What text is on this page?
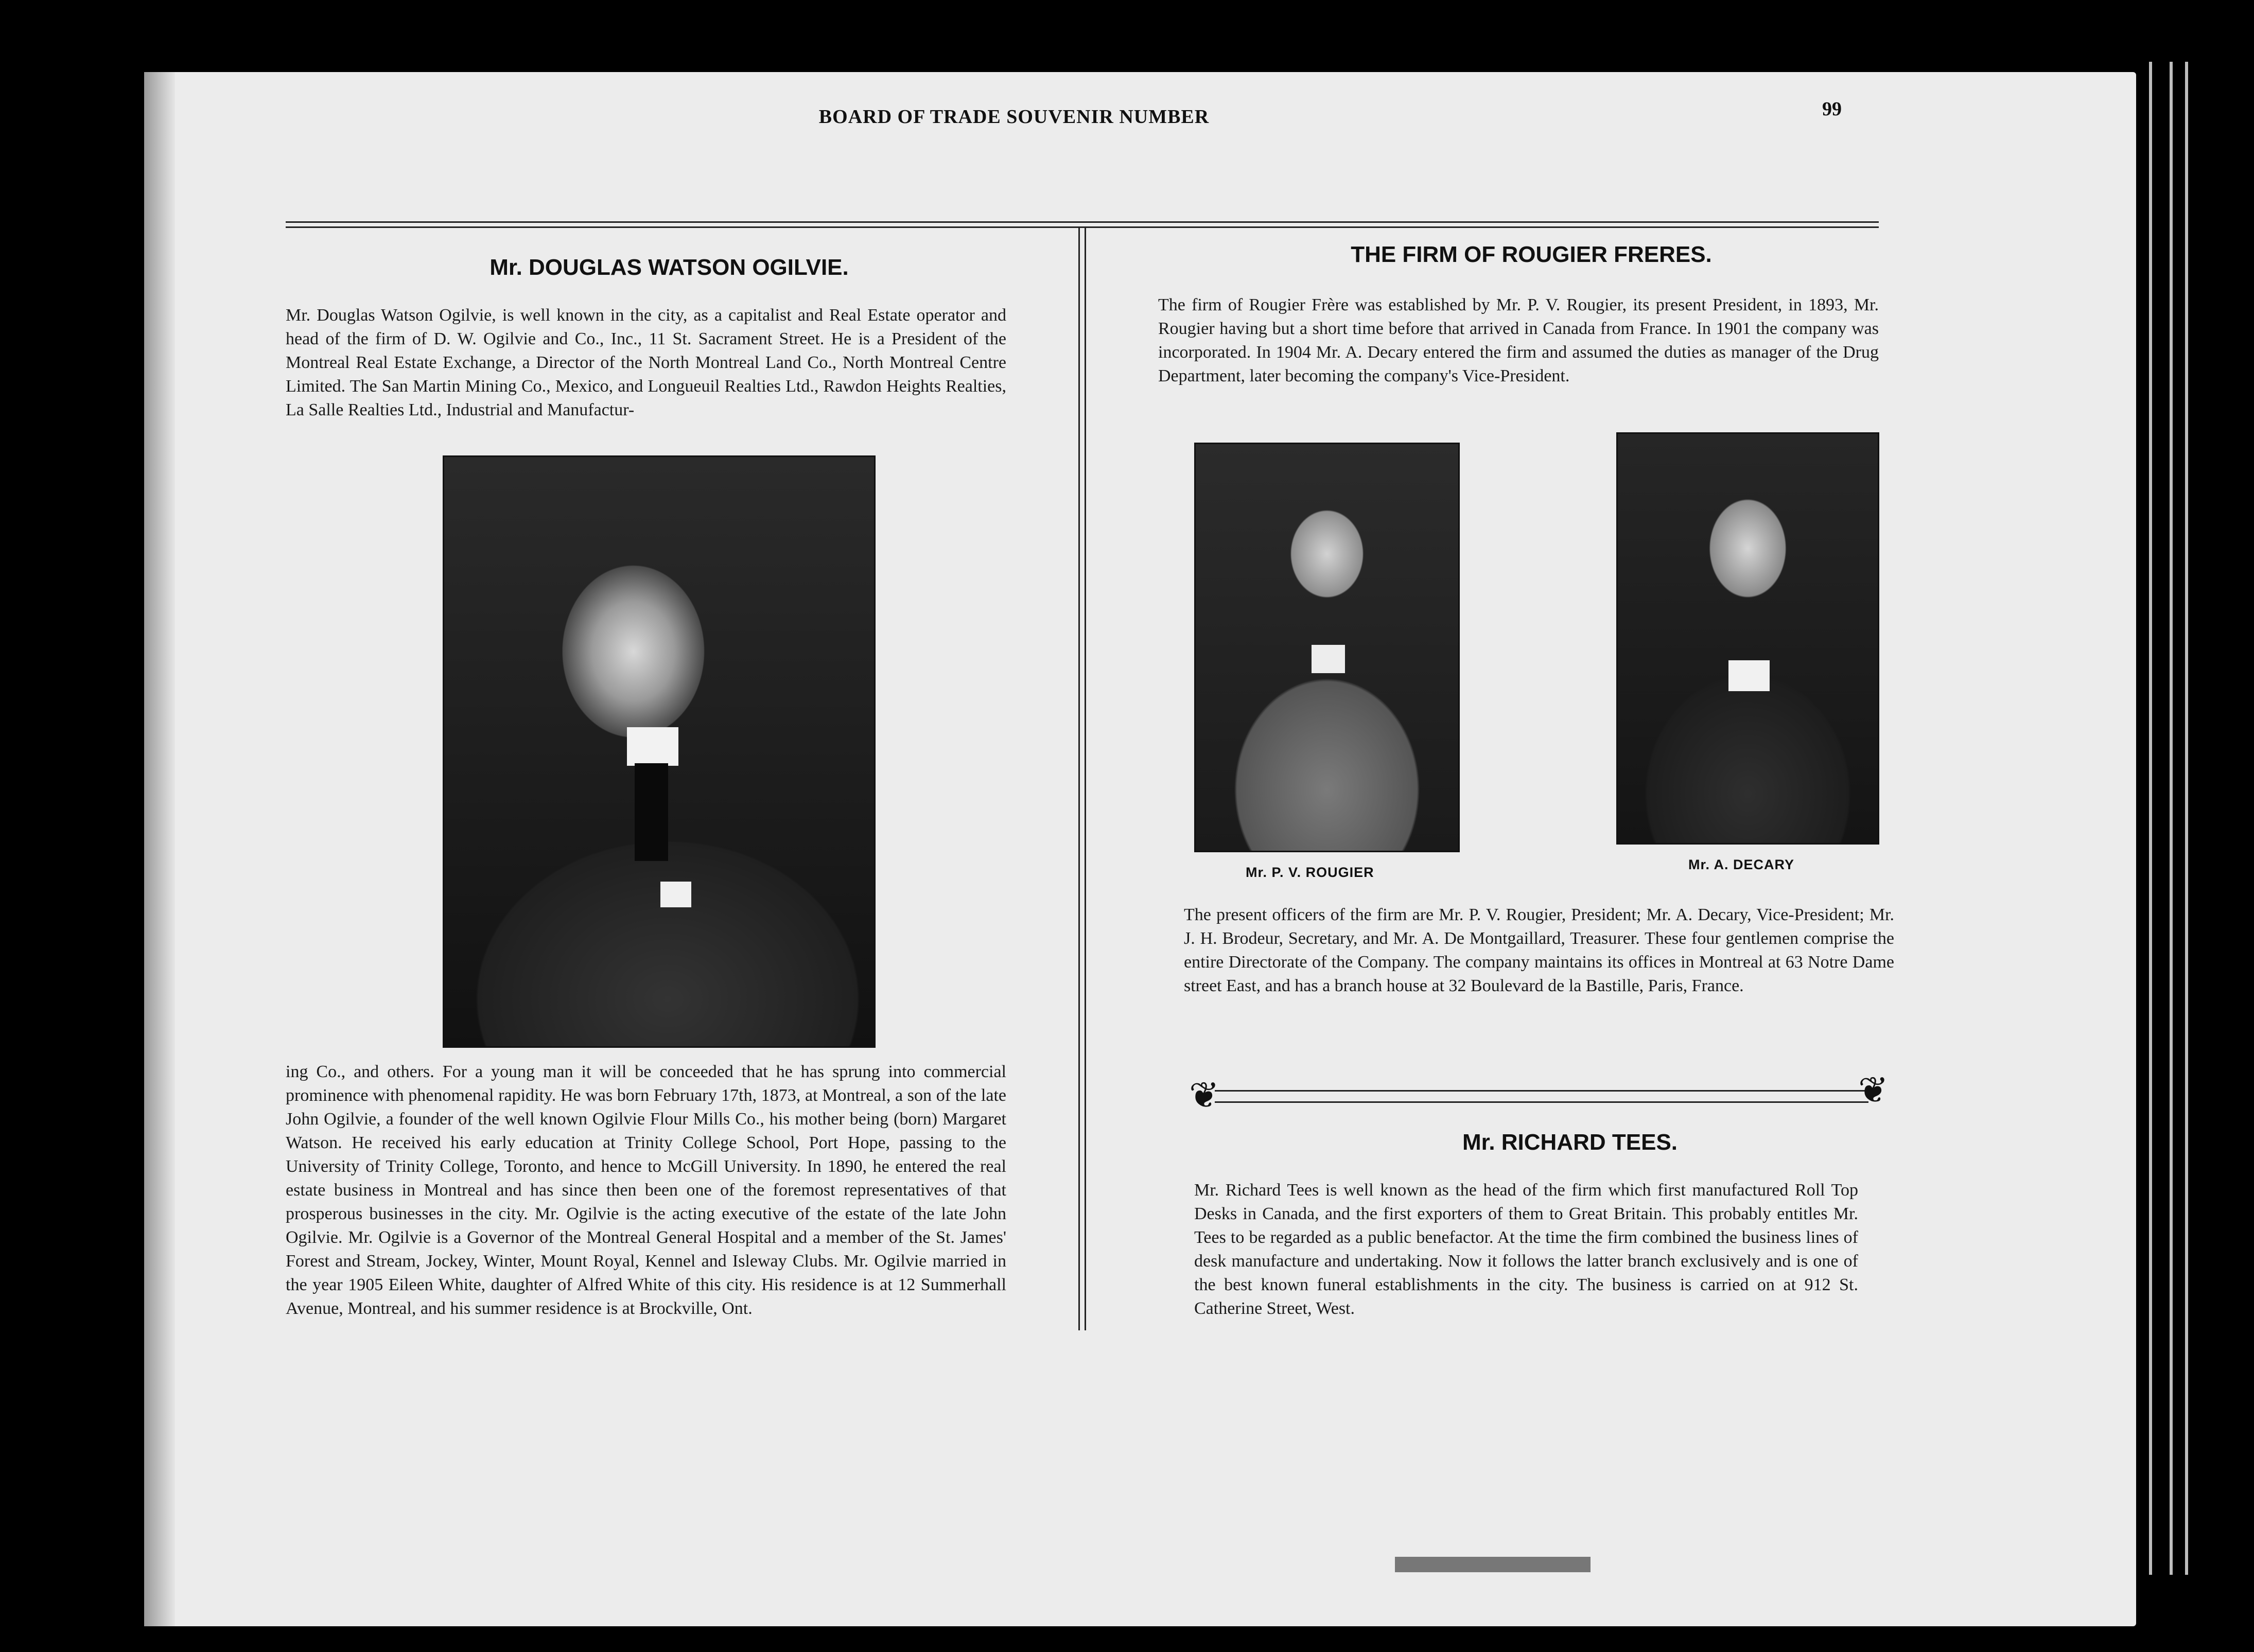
BOARD OF TRADE SOUVENIR NUMBER	99
Mr. DOUGLAS WATSON OGILVIE.
Mr. Douglas Watson Ogilvie, is well known in the city, as a capitalist and Real Estate operator and head of the firm of D. W. Ogilvie and Co., Inc., 11 St. Sacrament Street. He is a President of the Montreal Real Estate Exchange, a Director of the North Montreal Land Co., North Montreal Centre Limited. The San Martin Mining Co., Mexico, and Longueuil Realties Ltd., Rawdon Heights Realties, La Salle Realties Ltd., Industrial and Manufactur-
ing Co., and others. For a young man it will be conceeded that he has sprung into commercial prominence with phenomenal rapidity. He was born February 17th, 1873, at Montreal, a son of the late John Ogilvie, a founder of the well known Ogilvie Flour Mills Co., his mother being (born) Margaret Watson. He received his early education at Trinity College School, Port Hope, passing to the University of Trinity College, Toronto, and hence to McGill University. In 1890, he entered the real estate business in Montreal and has since then been one of the foremost representatives of that prosperous businesses in the city. Mr. Ogilvie is the acting executive of the estate of the late John Ogilvie. Mr. Ogilvie is a Governor of the Montreal General Hospital and a member of the St. James' Forest and Stream, Jockey, Winter, Mount Royal, Kennel and Isleway Clubs. Mr. Ogilvie married in the year 1905 Eileen White, daughter of Alfred White of this city. His residence is at 12 Summerhall Avenue, Montreal, and his summer residence is at Brockville, Ont.
THE FIRM OF ROUGIER FRERES.
The firm of Rougier Frère was established by Mr. P. V. Rougier, its present President, in 1893, Mr. Rougier having but a short time before that arrived in Canada from France. In 1901 the company was incorporated. In 1904 Mr. A. Decary entered the firm and assumed the duties as manager of the Drug Department, later becoming the company's Vice-President.
Mr. P. V. ROUGIER	Mr. A. DECARY
The present officers of the firm are Mr. P. V. Rougier, President; Mr. A. Decary, Vice-President; Mr. J. H. Brodeur, Secretary, and Mr. A. De Montgaillard, Treasurer. These four gentlemen comprise the entire Directorate of the Company. The company maintains its offices in Montreal at 63 Notre Dame street East, and has a branch house at 32 Boulevard de la Bastille, Paris, France.
❦	❦
Mr. RICHARD TEES.
Mr. Richard Tees is well known as the head of the firm which first manufactured Roll Top Desks in Canada, and the first exporters of them to Great Britain. This probably entitles Mr. Tees to be regarded as a public benefactor. At the time the firm combined the business lines of desk manufacture and undertaking. Now it follows the latter branch exclusively and is one of the best known funeral establishments in the city. The business is carried on at 912 St. Catherine Street, West.
